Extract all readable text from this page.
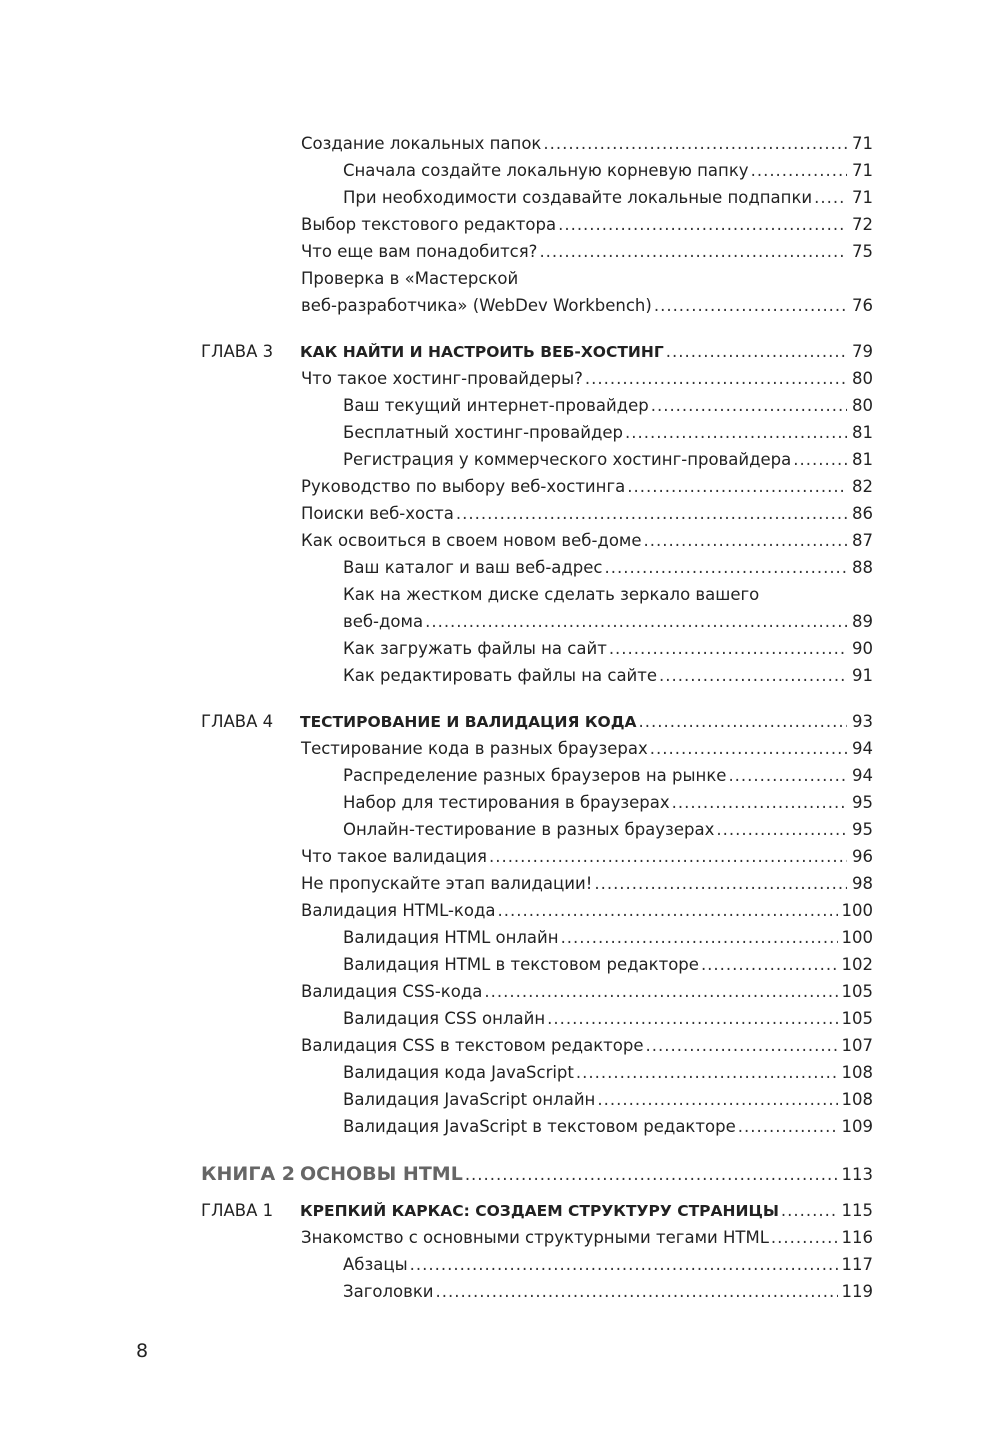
Создание локальных папок .....	71
Сначала создайте локальную корневую папку .....	71
При необходимости создавайте локальные подпапки ..... 71
Выбор текстового редактора .....	72
Что еще вам понадобится? .....	75
Проверка в «Мастерской
веб-разработчика» (WebDev Workbench) .....	76
ГЛАВА 3	КАК НАЙТИ И НАСТРОИТЬ ВЕБ-ХОСТИНГ .....	79
Что такое хостинг-провайдеры? .....	80
Ваш текущий интернет-провайдер .....	80
Бесплатный хостинг-провайдер .....	81
Регистрация у коммерческого хостинг-провайдера .....	81
Руководство по выбору веб-хостинга .....	82
Поиски веб-хоста .....	86
Как освоиться в своем новом веб-доме .....	87
Ваш каталог и ваш веб-адрес .....	88
Как на жестком диске сделать зеркало вашего
веб-дома .....	89
Как загружать файлы на сайт .....	90
Как редактировать файлы на сайте .....	91
ГЛАВА 4	ТЕСТИРОВАНИЕ И ВАЛИДАЦИЯ КОДА .....	93
Тестирование кода в разных браузерах .....	94
Распределение разных браузеров на рынке .....	94
Набор для тестирования в браузерах .....	95
Онлайн-тестирование в разных браузерах .....	95
Что такое валидация .....	96
Не пропускайте этап валидации! .....	98
Валидация HTML-кода .....	100
Валидация HTML онлайн .....	100
Валидация HTML в текстовом редакторе .....	102
Валидация CSS-кода .....	105
Валидация CSS онлайн .....	105
Валидация CSS в текстовом редакторе .....	107
Валидация кода JavaScript .....	108
Валидация JavaScript онлайн .....	108
Валидация JavaScript в текстовом редакторе .....	109
КНИГА 2 ОСНОВЫ HTML .....	113
ГЛАВА 1	КРЕПКИЙ КАРКАС: СОЗДАЕМ СТРУКТУРУ СТРАНИЦЫ .....	115
Знакомство с основными структурными тегами HTML .....	116
Абзацы .....	117
Заголовки .....	119
8
